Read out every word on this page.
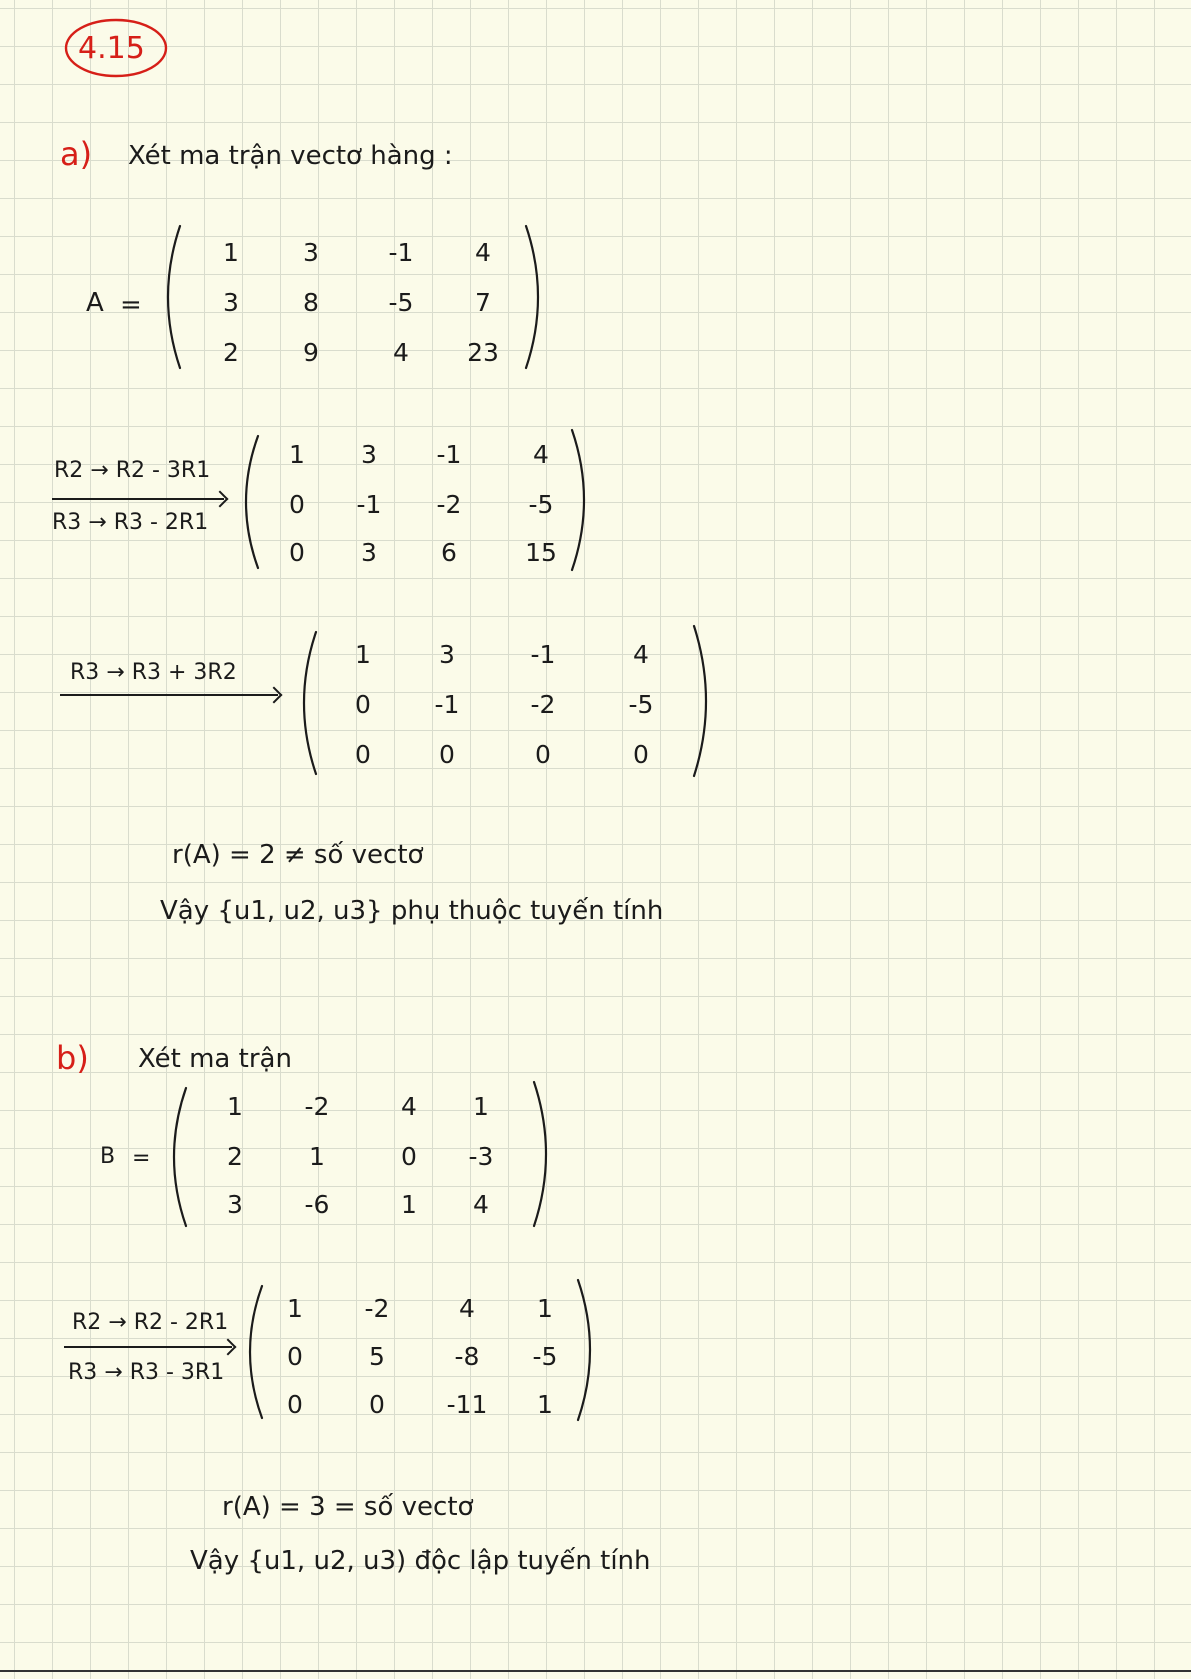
4.15
a) Xét ma trận vectơ hàng :
A =
1	3	-1	4
3	8	-5	7
2	9	4	23
R2 → R2 - 3R1
R3 → R3 - 2R1
1	3	-1	4
0	-1	-2	-5
0	3	6	15
R3 → R3 + 3R2
1	3	-1	4
0	-1	-2	-5
0	0	0	0
r(A) = 2 ≠ số vectơ
Vậy {u1, u2, u3} phụ thuộc tuyến tính
b) Xét ma trận
B =
1	-2	4	1
2	1	0	-3
3	-6	1	4
R2 → R2 - 2R1
R3 → R3 - 3R1
1	-2	4	1
0	5	-8	-5
0	0	-11	1
r(A) = 3 = số vectơ
Vậy {u1, u2, u3) độc lập tuyến tính
